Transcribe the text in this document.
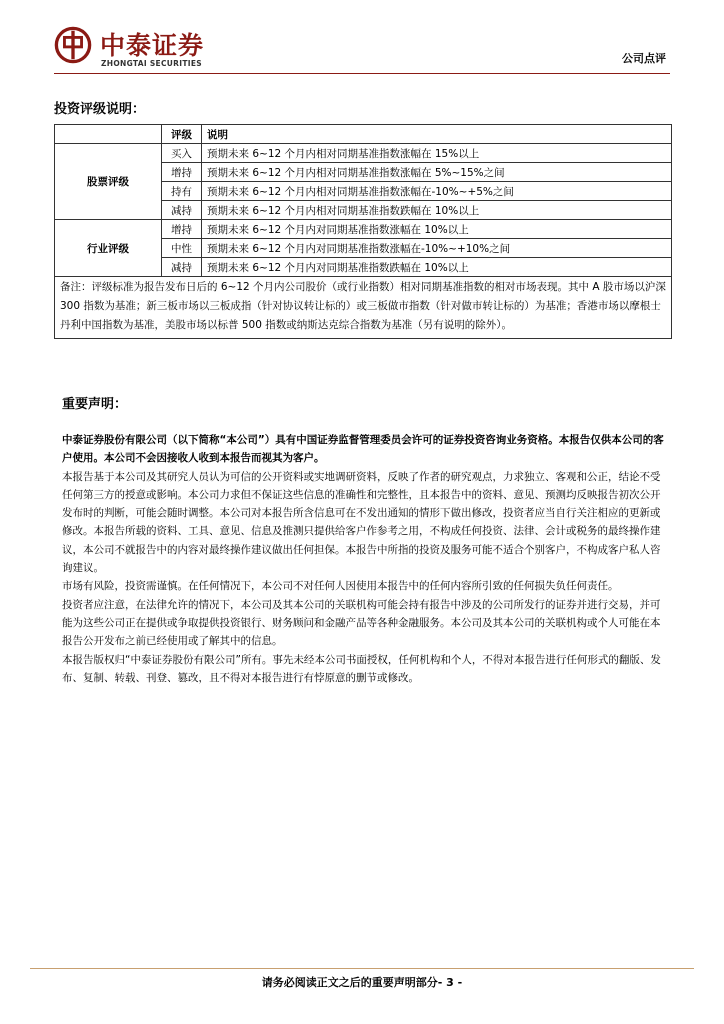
中泰证券
ZHONGTAI SECURITIES	公司点评
投资评级说明：
	评级	说明
股票评级	买入	预期未来 6~12 个月内相对同期基准指数涨幅在 15%以上
	增持	预期未来 6~12 个月内相对同期基准指数涨幅在 5%~15%之间
	持有	预期未来 6~12 个月内相对同期基准指数涨幅在-10%~+5%之间
	减持	预期未来 6~12 个月内相对同期基准指数跌幅在 10%以上
行业评级	增持	预期未来 6~12 个月内对同期基准指数涨幅在 10%以上
	中性	预期未来 6~12 个月内对同期基准指数涨幅在-10%~+10%之间
	减持	预期未来 6~12 个月内对同期基准指数跌幅在 10%以上
备注：评级标准为报告发布日后的 6~12 个月内公司股价（或行业指数）相对同期基准指数的相对市场表现。其中 A 股市场以沪深 300 指数为基准；新三板市场以三板成指（针对协议转让标的）或三板做市指数（针对做市转让标的）为基准；香港市场以摩根士丹利中国指数为基准，美股市场以标普 500 指数或纳斯达克综合指数为基准（另有说明的除外）。		
重要声明：

中泰证券股份有限公司（以下简称“本公司”）具有中国证券监督管理委员会许可的证券投资咨询业务资格。本报告仅供本公司的客户使用。本公司不会因接收人收到本报告而视其为客户。

本报告基于本公司及其研究人员认为可信的公开资料或实地调研资料，反映了作者的研究观点，力求独立、客观和公正，结论不受任何第三方的授意或影响。本公司力求但不保证这些信息的准确性和完整性，且本报告中的资料、意见、预测均反映报告初次公开发布时的判断，可能会随时调整。本公司对本报告所含信息可在不发出通知的情形下做出修改，投资者应当自行关注相应的更新或修改。本报告所载的资料、工具、意见、信息及推测只提供给客户作参考之用，不构成任何投资、法律、会计或税务的最终操作建议，本公司不就报告中的内容对最终操作建议做出任何担保。本报告中所指的投资及服务可能不适合个别客户，不构成客户私人咨询建议。

市场有风险，投资需谨慎。在任何情况下，本公司不对任何人因使用本报告中的任何内容所引致的任何损失负任何责任。

投资者应注意，在法律允许的情况下，本公司及其本公司的关联机构可能会持有报告中涉及的公司所发行的证券并进行交易，并可能为这些公司正在提供或争取提供投资银行、财务顾问和金融产品等各种金融服务。本公司及其本公司的关联机构或个人可能在本报告公开发布之前已经使用或了解其中的信息。

本报告版权归“中泰证券股份有限公司”所有。事先未经本公司书面授权，任何机构和个人，不得对本报告进行任何形式的翻版、发布、复制、转载、刊登、篡改，且不得对本报告进行有悖原意的删节或修改。

请务必阅读正文之后的重要声明部分- 3 -
